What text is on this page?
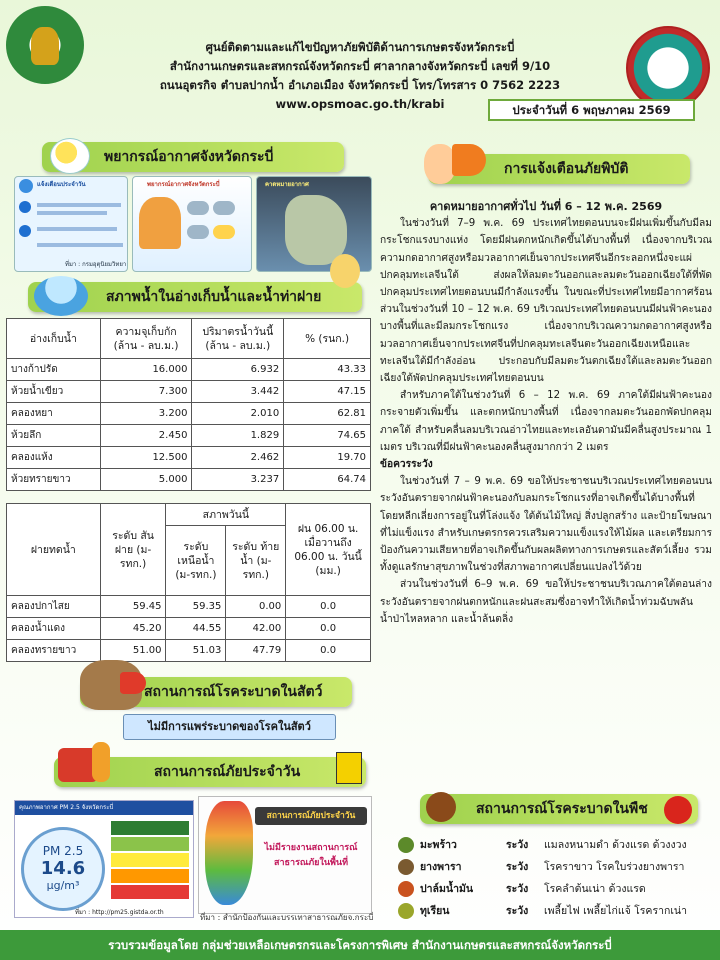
ศูนย์ติดตามและแก้ไขปัญหาภัยพิบัติด้านการเกษตรจังหวัดกระบี่
สำนักงานเกษตรและสหกรณ์จังหวัดกระบี่ ศาลากลางจังหวัดกระบี่ เลขที่ 9/10
ถนนอุตรกิจ ตำบลปากน้ำ อำเภอเมือง จังหวัดกระบี่ โทร/โทรสาร 0 7562 2223
www.opsmoac.go.th/krabi	ประจำวันที่ 6 พฤษภาคม 2569
พยากรณ์อากาศจังหวัดกระบี่
แจ้งเตือนประจำวัน
ที่มา : กรมอุตุนิยมวิทยา
พยากรณ์อากาศจังหวัดกระบี่	คาดหมายอากาศ
สภาพน้ำในอ่างเก็บน้ำและน้ำท่าฝาย
อ่างเก็บน้ำ	ความจุเก็บกัก (ล้าน - ลบ.ม.)	ปริมาตรน้ำวันนี้ (ล้าน - ลบ.ม.)	% (รนก.)
บางก้าปรัด	16.000	6.932	43.33
ห้วยน้ำเขียว	7.300	3.442	47.15
คลองหยา	3.200	2.010	62.81
ห้วยลึก	2.450	1.829	74.65
คลองแห้ง	12.500	2.462	19.70
ห้วยทรายขาว	5.000	3.237	64.74
ฝายทดน้ำ	ระดับ สันฝาย (ม-รทก.)	สภาพวันนี้		ฝน 06.00 น. เมื่อวานถึง 06.00 น. วันนี้ (มม.)
		ระดับ เหนือน้ำ (ม-รทก.)	ระดับ ท้ายน้ำ (ม-รทก.)	
คลองปกาไสย	59.45	59.35	0.00	0.0
คลองน้ำแดง	45.20	44.55	42.00	0.0
คลองทรายขาว	51.00	51.03	47.79	0.0
สถานการณ์โรคระบาดในสัตว์
ไม่มีการแพร่ระบาดของโรคในสัตว์
สถานการณ์ภัยประจำวัน
คุณภาพอากาศ PM 2.5 จังหวัดกระบี่
PM 2.5
14.6
µg/m³
ที่มา : http://pm25.gistda.or.th
สถานการณ์ภัยประจำวัน
ไม่มีรายงานสถานการณ์สาธารณภัยในพื้นที่
ที่มา : สำนักป้องกันและบรรเทาสาธารณภัยจ.กระบี่
การแจ้งเตือนภัยพิบัติ

คาดหมายอากาศทั่วไป วันที่ 6 – 12 พ.ค. 2569

ในช่วงวันที่ 7–9 พ.ค. 69 ประเทศไทยตอนบนจะมีฝนเพิ่มขึ้นกับมีลมกระโชกแรงบางแห่ง โดยมีฝนตกหนักเกิดขึ้นได้บางพื้นที่ เนื่องจากบริเวณความกดอากาศสูงหรือมวลอากาศเย็นจากประเทศจีนอีกระลอกหนึ่งจะแผ่ปกคลุมทะเลจีนใต้ ส่งผลให้ลมตะวันออกและลมตะวันออกเฉียงใต้ที่พัดปกคลุมประเทศไทยตอนบนมีกำลังแรงขึ้น ในขณะที่ประเทศไทยมีอากาศร้อน ส่วนในช่วงวันที่ 10 – 12 พ.ค. 69 บริเวณประเทศไทยตอนบนมีฝนฟ้าคะนอง บางพื้นที่และมีลมกระโชกแรง เนื่องจากบริเวณความกดอากาศสูงหรือมวลอากาศเย็นจากประเทศจีนที่ปกคลุมทะเลจีนตะวันออกเฉียงเหนือและทะเลจีนใต้มีกำลังอ่อน ประกอบกับมีลมตะวันตกเฉียงใต้และลมตะวันออกเฉียงใต้พัดปกคลุมประเทศไทยตอนบน

สำหรับภาคใต้ในช่วงวันที่ 6 – 12 พ.ค. 69 ภาคใต้มีฝนฟ้าคะนองกระจายตัวเพิ่มขึ้น และตกหนักบางพื้นที่ เนื่องจากลมตะวันออกพัดปกคลุมภาคใต้ สำหรับคลื่นลมบริเวณอ่าวไทยและทะเลอันดามันมีคลื่นสูงประมาณ 1 เมตร บริเวณที่มีฝนฟ้าคะนองคลื่นสูงมากกว่า 2 เมตร

ข้อควรระวัง

ในช่วงวันที่ 7 – 9 พ.ค. 69 ขอให้ประชาชนบริเวณประเทศไทยตอนบนระวังอันตรายจากฝนฟ้าคะนองกับลมกระโชกแรงที่อาจเกิดขึ้นได้บางพื้นที่ โดยหลีกเลี่ยงการอยู่ในที่โล่งแจ้ง ใต้ต้นไม้ใหญ่ สิ่งปลูกสร้าง และป้ายโฆษณาที่ไม่แข็งแรง สำหรับเกษตรกรควรเสริมความแข็งแรงให้ไม้ผล และเตรียมการป้องกันความเสียหายที่อาจเกิดขึ้นกับผลผลิตทางการเกษตรและสัตว์เลี้ยง รวมทั้งดูแลรักษาสุขภาพในช่วงที่สภาพอากาศเปลี่ยนแปลงไว้ด้วย

ส่วนในช่วงวันที่ 6–9 พ.ค. 69 ขอให้ประชาชนบริเวณภาคใต้ตอนล่าง ระวังอันตรายจากฝนตกหนักและฝนสะสมซึ่งอาจทำให้เกิดน้ำท่วมฉับพลัน น้ำป่าไหลหลาก และน้ำล้นตลิ่ง

สถานการณ์โรคระบาดในพืช
มะพร้าว	ระวัง	แมลงหนามดำ ด้วงแรด ด้วงงวง
ยางพารา	ระวัง	โรคราขาว โรคใบร่วงยางพารา
ปาล์มน้ำมัน	ระวัง	โรคลำต้นเน่า ด้วงแรด
ทุเรียน	ระวัง	เพลี้ยไฟ เพลี้ยไก่แจ้ โรครากเน่า
รวบรวมข้อมูลโดย กลุ่มช่วยเหลือเกษตรกรและโครงการพิเศษ สำนักงานเกษตรและสหกรณ์จังหวัดกระบี่
